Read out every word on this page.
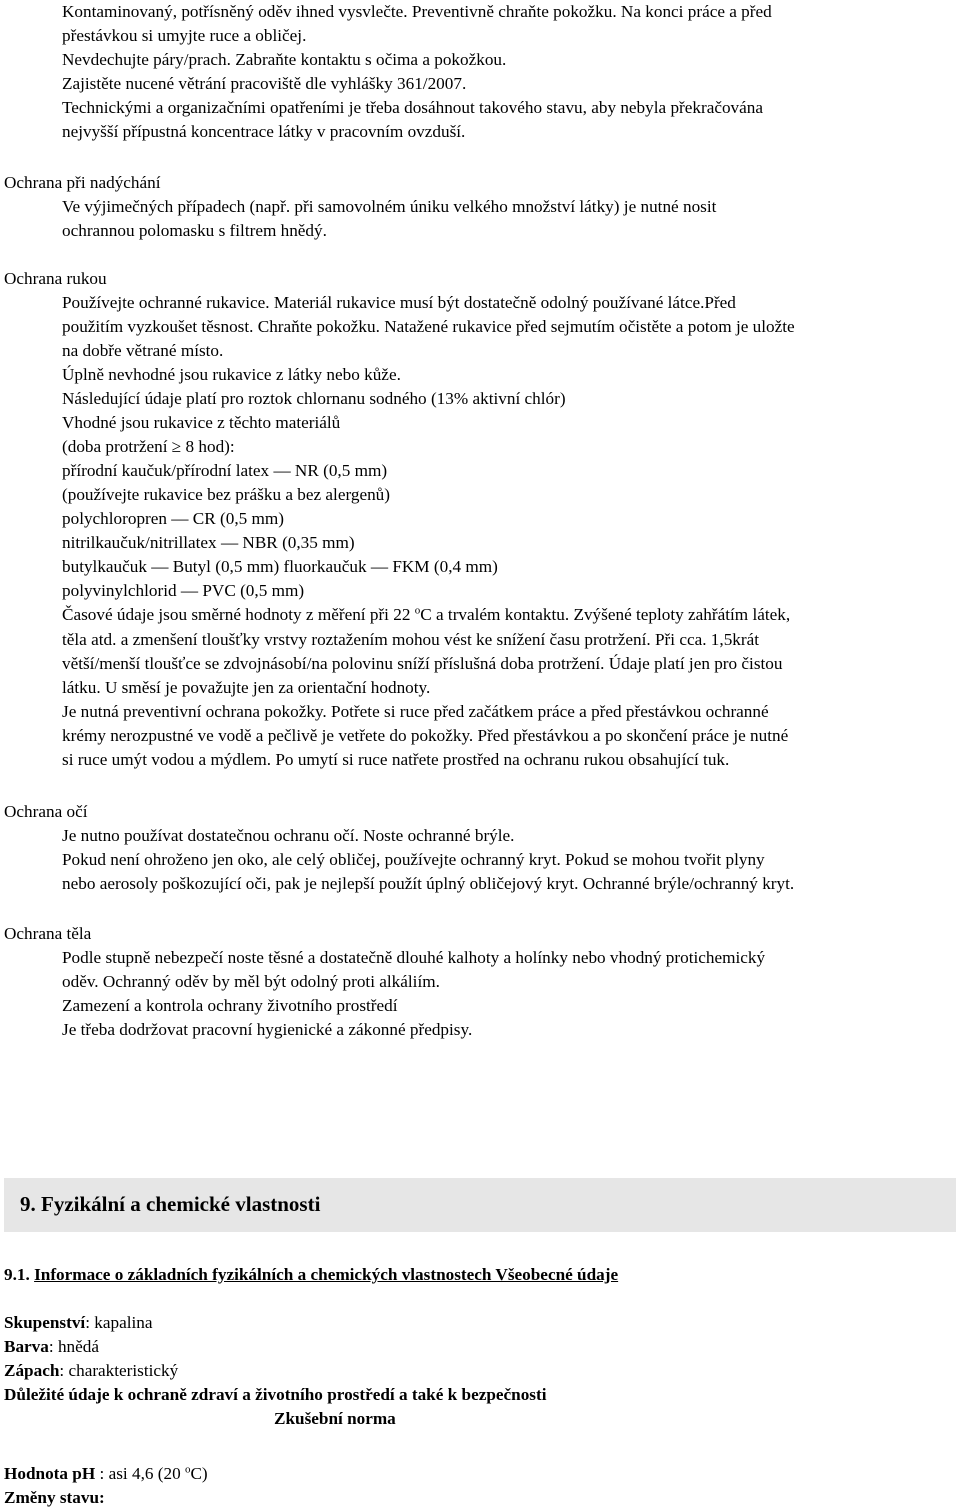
Kontaminovaný, potřísněný oděv ihned vysvlečte. Preventivně chraňte pokožku. Na konci práce a před
přestávkou si umyjte ruce a obličej.
Nevdechujte páry/prach. Zabraňte kontaktu s očima a pokožkou.
Zajistěte nucené větrání pracoviště dle vyhlášky 361/2007.
Technickými a organizačními opatřeními je třeba dosáhnout takového stavu, aby nebyla překračována
nejvyšší přípustná koncentrace látky v pracovním ovzduší.
Ochrana při nadýchání
Ve výjimečných případech (např. při samovolném úniku velkého množství látky) je nutné nosit
ochrannou polomasku s filtrem hnědý.
Ochrana rukou
Používejte ochranné rukavice. Materiál rukavice musí být dostatečně odolný používané látce.Před
použitím vyzkoušet těsnost. Chraňte pokožku. Natažené rukavice před sejmutím očistěte a potom je uložte
na dobře větrané místo.
Úplně nevhodné jsou rukavice z látky nebo kůže.
Následující údaje platí pro roztok chlornanu sodného (13% aktivní chlór)
Vhodné jsou rukavice z těchto materiálů
(doba protržení ≥ 8 hod):
přírodní kaučuk/přírodní latex — NR (0,5 mm)
(používejte rukavice bez prášku a bez alergenů)
polychloropren — CR (0,5 mm)
nitrilkaučuk/nitrillatex — NBR (0,35 mm)
butylkaučuk — Butyl (0,5 mm) fluorkaučuk — FKM (0,4 mm)
polyvinylchlorid — PVC (0,5 mm)
Časové údaje jsou směrné hodnoty z měření při 22 $^o$C a trvalém kontaktu. Zvýšené teploty zahřátím látek,
těla atd. a zmenšení tloušťky vrstvy roztažením mohou vést ke snížení času protržení. Při cca. 1,5krát
větší/menší tloušťce se zdvojnásobí/na polovinu sníží příslušná doba protržení. Údaje platí jen pro čistou
látku. U směsí je považujte jen za orientační hodnoty.
Je nutná preventivní ochrana pokožky. Potřete si ruce před začátkem práce a před přestávkou ochranné
krémy nerozpustné ve vodě a pečlivě je vetřete do pokožky. Před přestávkou a po skončení práce je nutné
si ruce umýt vodou a mýdlem. Po umytí si ruce natřete prostřed na ochranu rukou obsahující tuk.
Ochrana očí
Je nutno používat dostatečnou ochranu očí. Noste ochranné brýle.
Pokud není ohroženo jen oko, ale celý obličej, používejte ochranný kryt. Pokud se mohou tvořit plyny
nebo aerosoly poškozující oči, pak je nejlepší použít úplný obličejový kryt. Ochranné brýle/ochranný kryt.
Ochrana těla
Podle stupně nebezpečí noste těsné a dostatečně dlouhé kalhoty a holínky nebo vhodný protichemický
oděv. Ochranný oděv by měl být odolný proti alkáliím.
Zamezení a kontrola ochrany životního prostředí
Je třeba dodržovat pracovní hygienické a zákonné předpisy.
9. Fyzikální a chemické vlastnosti
9.1. Informace o základních fyzikálních a chemických vlastnostech Všeobecné údaje
Skupenství: kapalina
Barva: hnědá
Zápach: charakteristický
Důležité údaje k ochraně zdraví a životního prostředí a také k bezpečnosti
Zkušební norma
Hodnota pH : asi 4,6 (20 $^o$C)
Změny stavu:
